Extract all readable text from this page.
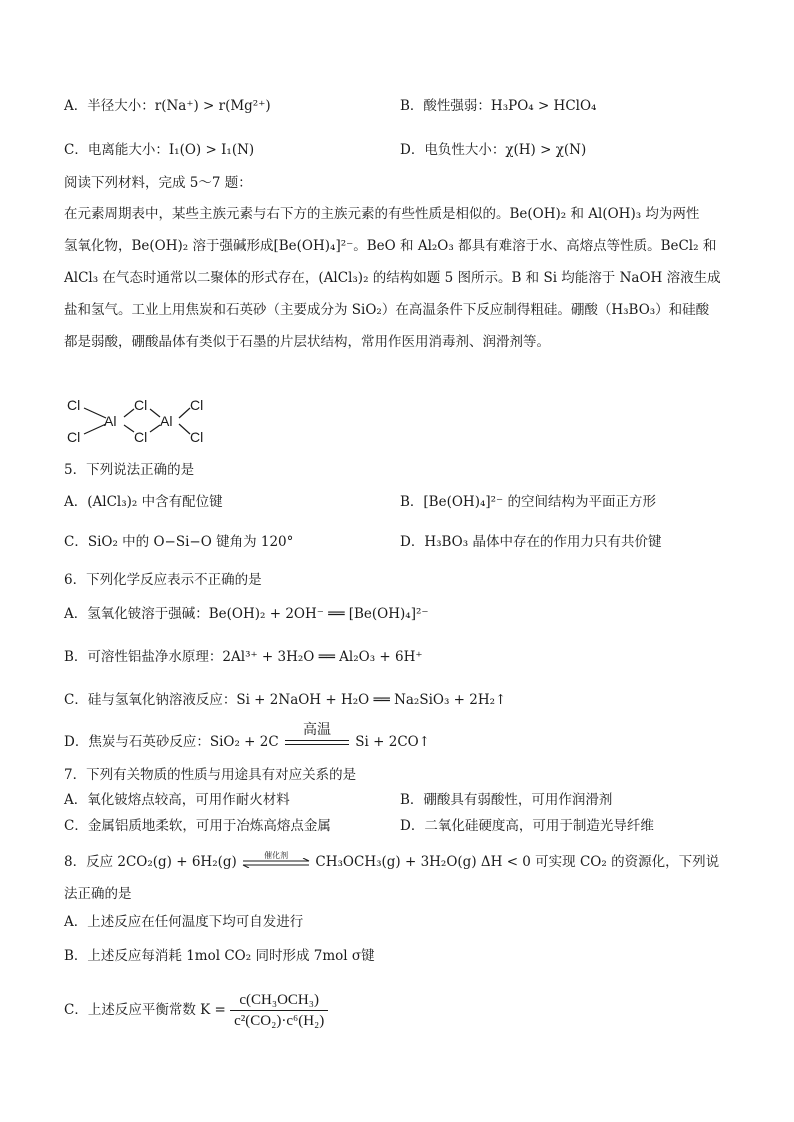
A．半径大小：r(Na⁺) > r(Mg²⁺)	B．酸性强弱：H₃PO₄ > HClO₄
C．电离能大小：I₁(O) > I₁(N)	D．电负性大小：χ(H) > χ(N)
阅读下列材料，完成 5～7 题：
在元素周期表中，某些主族元素与右下方的主族元素的有些性质是相似的。Be(OH)₂ 和 Al(OH)₃ 均为两性
氢氧化物，Be(OH)₂ 溶于强碱形成[Be(OH)₄]²⁻。BeO 和 Al₂O₃ 都具有难溶于水、高熔点等性质。BeCl₂ 和
AlCl₃ 在气态时通常以二聚体的形式存在，(AlCl₃)₂ 的结构如题 5 图所示。B 和 Si 均能溶于 NaOH 溶液生成
盐和氢气。工业上用焦炭和石英砂（主要成分为 SiO₂）在高温条件下反应制得粗硅。硼酸（H₃BO₃）和硅酸
都是弱酸，硼酸晶体有类似于石墨的片层状结构，常用作医用消毒剂、润滑剂等。
Cl
Cl
Al
Cl
Cl
Al
Cl
Cl
5．下列说法正确的是
A．(AlCl₃)₂ 中含有配位键	B．[Be(OH)₄]²⁻ 的空间结构为平面正方形
C．SiO₂ 中的 O−Si−O 键角为 120°	D．H₃BO₃ 晶体中存在的作用力只有共价键
6．下列化学反应表示不正确的是
A．氢氧化铍溶于强碱：Be(OH)₂ + 2OH⁻ ══ [Be(OH)₄]²⁻
B．可溶性铝盐净水原理：2Al³⁺ + 3H₂O ══ Al₂O₃ + 6H⁺
C．硅与氢氧化钠溶液反应：Si + 2NaOH + H₂O ══ Na₂SiO₃ + 2H₂↑
D．焦炭与石英砂反应：SiO₂ + 2C
高温
Si + 2CO↑
7．下列有关物质的性质与用途具有对应关系的是
A．氧化铍熔点较高，可用作耐火材料	B．硼酸具有弱酸性，可用作润滑剂
C．金属铝质地柔软，可用于冶炼高熔点金属	D．二氧化硅硬度高，可用于制造光导纤维
8．反应 2CO₂(g) + 6H₂(g)	催化剂	CH₃OCH₃(g) + 3H₂O(g) ΔH < 0 可实现 CO₂ 的资源化，下列说
法正确的是
A．上述反应在任何温度下均可自发进行
B．上述反应每消耗 1mol CO₂ 同时形成 7mol σ键
C．上述反应平衡常数 $K = \frac{\text{c(CH₃OCH₃)}}{\text{c²(CO₂)·c⁶(H₂)}}$
